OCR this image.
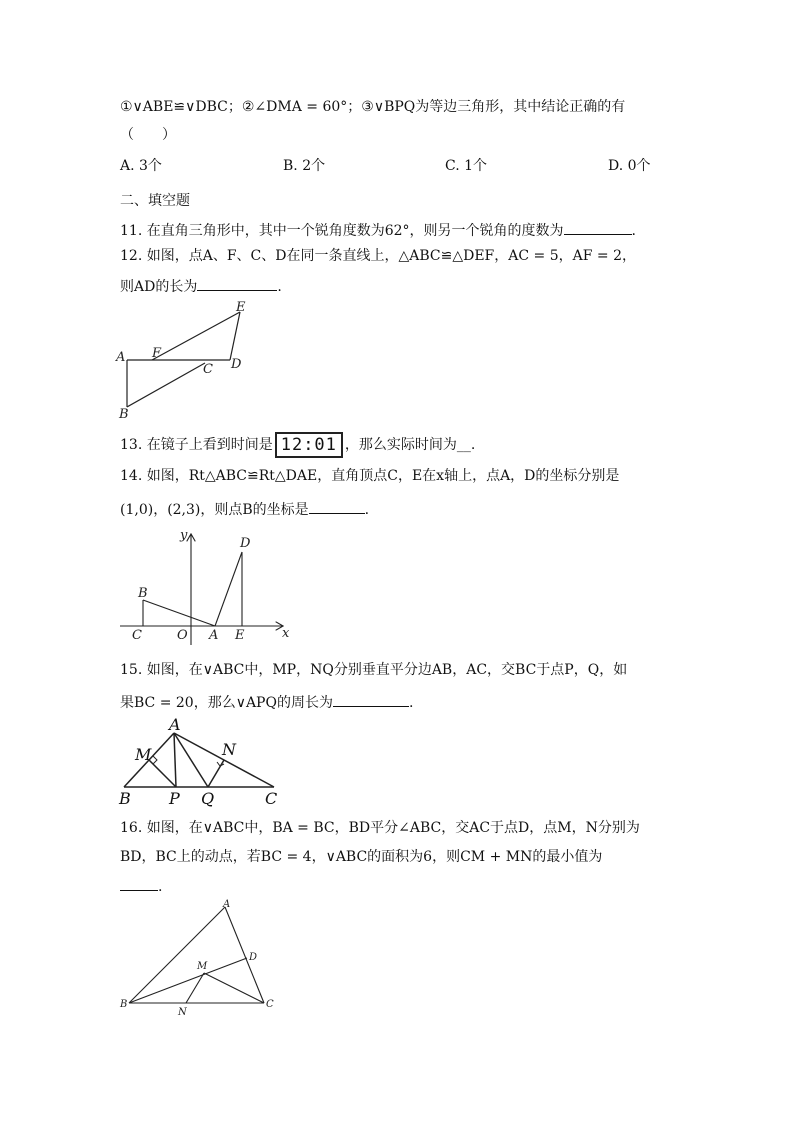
①∨ABE≌∨DBC；②∠DMA = 60°；③∨BPQ为等边三角形，其中结论正确的有
（　　）
A. 3个	B. 2个	C. 1个	D. 0个
二、填空题
11. 在直角三角形中，其中一个锐角度数为62°，则另一个锐角的度数为	.
12. 如图，点A、F、C、D在同一条直线上，△ABC≌△DEF，AC = 5，AF = 2，
则AD的长为	.
A F
C D
E
B
13. 在镜子上看到时间是 12:01 ，那么实际时间为__.
14. 如图，Rt△ABC≌Rt△DAE，直角顶点C，E在x轴上，点A，D的坐标分别是
(1,0)，(2,3)，则点B的坐标是	.
y
D
B
C	O A E	x
15. 如图，在∨ABC中，MP，NQ分别垂直平分边AB，AC，交BC于点P，Q，如
果BC = 20，那么∨APQ的周长为	.
A
M	N
B P Q	C
16. 如图，在∨ABC中，BA = BC，BD平分∠ABC，交AC于点D，点M，N分别为
BD，BC上的动点，若BC = 4，∨ABC的面积为6，则CM + MN的最小值为
.
A
D
M
B
N
C
